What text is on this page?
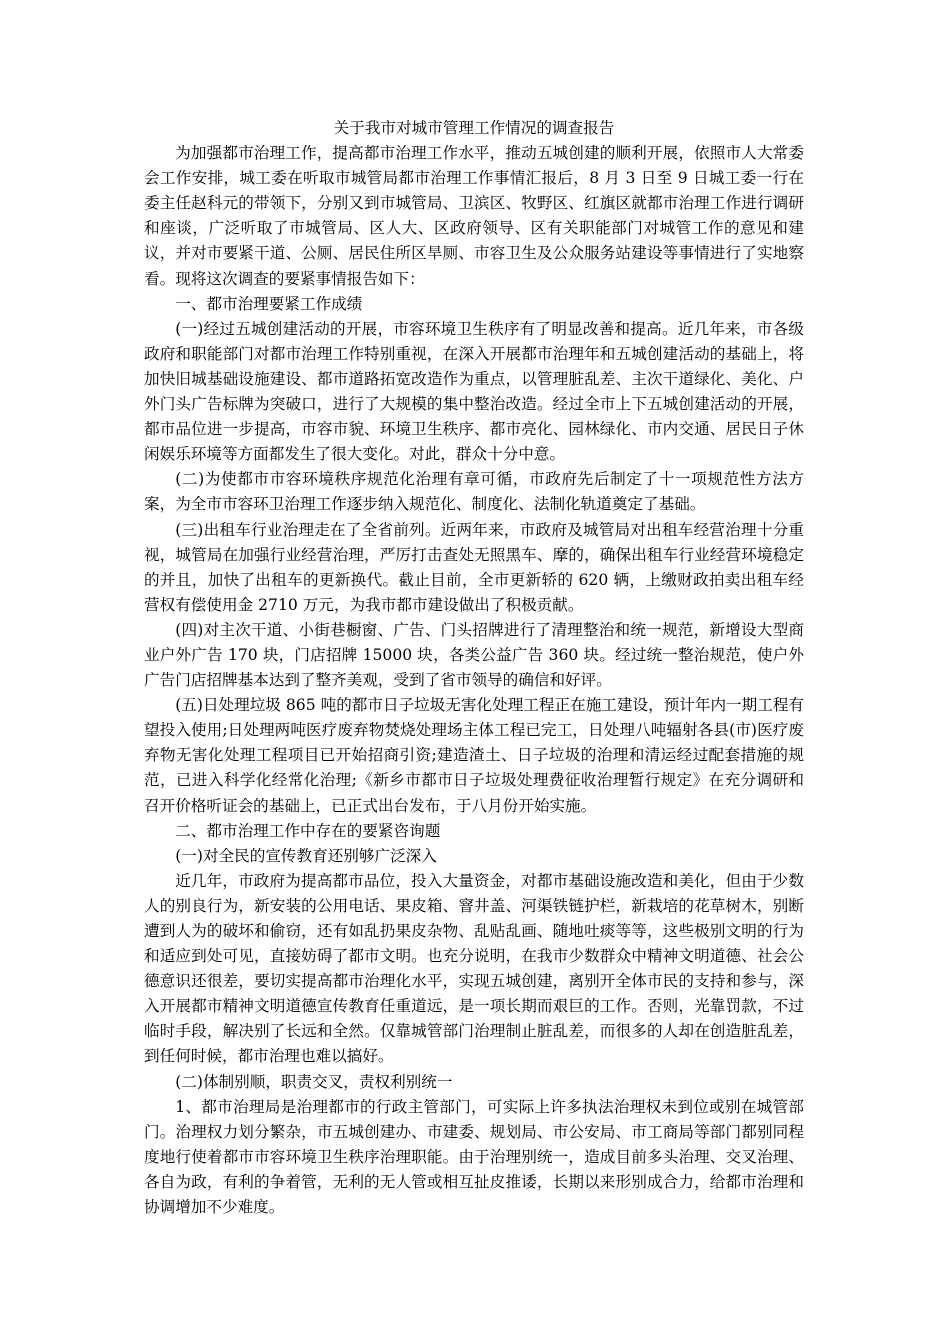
关于我市对城市管理工作情况的调查报告

为加强都市治理工作，提高都市治理工作水平，推动五城创建的顺利开展，依照市人大常委会工作安排，城工委在听取市城管局都市治理工作事情汇报后，8 月 3 日至 9 日城工委一行在委主任赵科元的带领下，分别又到市城管局、卫滨区、牧野区、红旗区就都市治理工作进行调研和座谈，广泛听取了市城管局、区人大、区政府领导、区有关职能部门对城管工作的意见和建议，并对市要紧干道、公厕、居民住所区旱厕、市容卫生及公众服务站建设等事情进行了实地察看。现将这次调查的要紧事情报告如下：

一、都市治理要紧工作成绩

(一)经过五城创建活动的开展，市容环境卫生秩序有了明显改善和提高。近几年来，市各级政府和职能部门对都市治理工作特别重视，在深入开展都市治理年和五城创建活动的基础上，将加快旧城基础设施建设、都市道路拓宽改造作为重点，以管理脏乱差、主次干道绿化、美化、户外门头广告标牌为突破口，进行了大规模的集中整治改造。经过全市上下五城创建活动的开展，都市品位进一步提高，市容市貌、环境卫生秩序、都市亮化、园林绿化、市内交通、居民日子休闲娱乐环境等方面都发生了很大变化。对此，群众十分中意。

(二)为使都市市容环境秩序规范化治理有章可循，市政府先后制定了十一项规范性方法方案，为全市市容环卫治理工作逐步纳入规范化、制度化、法制化轨道奠定了基础。

(三)出租车行业治理走在了全省前列。近两年来，市政府及城管局对出租车经营治理十分重视，城管局在加强行业经营治理，严厉打击查处无照黑车、摩的，确保出租车行业经营环境稳定的并且，加快了出租车的更新换代。截止目前，全市更新轿的 620 辆，上缴财政拍卖出租车经营权有偿使用金 2710 万元，为我市都市建设做出了积极贡献。

(四)对主次干道、小街巷橱窗、广告、门头招牌进行了清理整治和统一规范，新增设大型商业户外广告 170 块，门店招牌 15000 块，各类公益广告 360 块。经过统一整治规范，使户外广告门店招牌基本达到了整齐美观，受到了省市领导的确信和好评。

(五)日处理垃圾 865 吨的都市日子垃圾无害化处理工程正在施工建设，预计年内一期工程有望投入使用;日处理两吨医疗废弃物焚烧处理场主体工程已完工，日处理八吨辐射各县(市)医疗废弃物无害化处理工程项目已开始招商引资;建造渣土、日子垃圾的治理和清运经过配套措施的规范，已进入科学化经常化治理;《新乡市都市日子垃圾处理费征收治理暂行规定》在充分调研和召开价格听证会的基础上，已正式出台发布，于八月份开始实施。

二、都市治理工作中存在的要紧咨询题

(一)对全民的宣传教育还别够广泛深入

近几年，市政府为提高都市品位，投入大量资金，对都市基础设施改造和美化，但由于少数人的别良行为，新安装的公用电话、果皮箱、窨井盖、河渠铁链护栏，新栽培的花草树木，别断遭到人为的破坏和偷窃，还有如乱扔果皮杂物、乱贴乱画、随地吐痰等等，这些极别文明的行为和适应到处可见，直接妨碍了都市文明。也充分说明，在我市少数群众中精神文明道德、社会公德意识还很差，要切实提高都市治理化水平，实现五城创建，离别开全体市民的支持和参与，深入开展都市精神文明道德宣传教育任重道远，是一项长期而艰巨的工作。否则，光靠罚款，不过临时手段，解决别了长远和全然。仅靠城管部门治理制止脏乱差，而很多的人却在创造脏乱差，到任何时候，都市治理也难以搞好。

(二)体制别顺，职责交叉，责权利别统一

1、都市治理局是治理都市的行政主管部门，可实际上许多执法治理权未到位或别在城管部门。治理权力划分繁杂，市五城创建办、市建委、规划局、市公安局、市工商局等部门都别同程度地行使着都市市容环境卫生秩序治理职能。由于治理别统一，造成目前多头治理、交叉治理、各自为政，有利的争着管，无利的无人管或相互扯皮推诿，长期以来形别成合力，给都市治理和协调增加不少难度。
